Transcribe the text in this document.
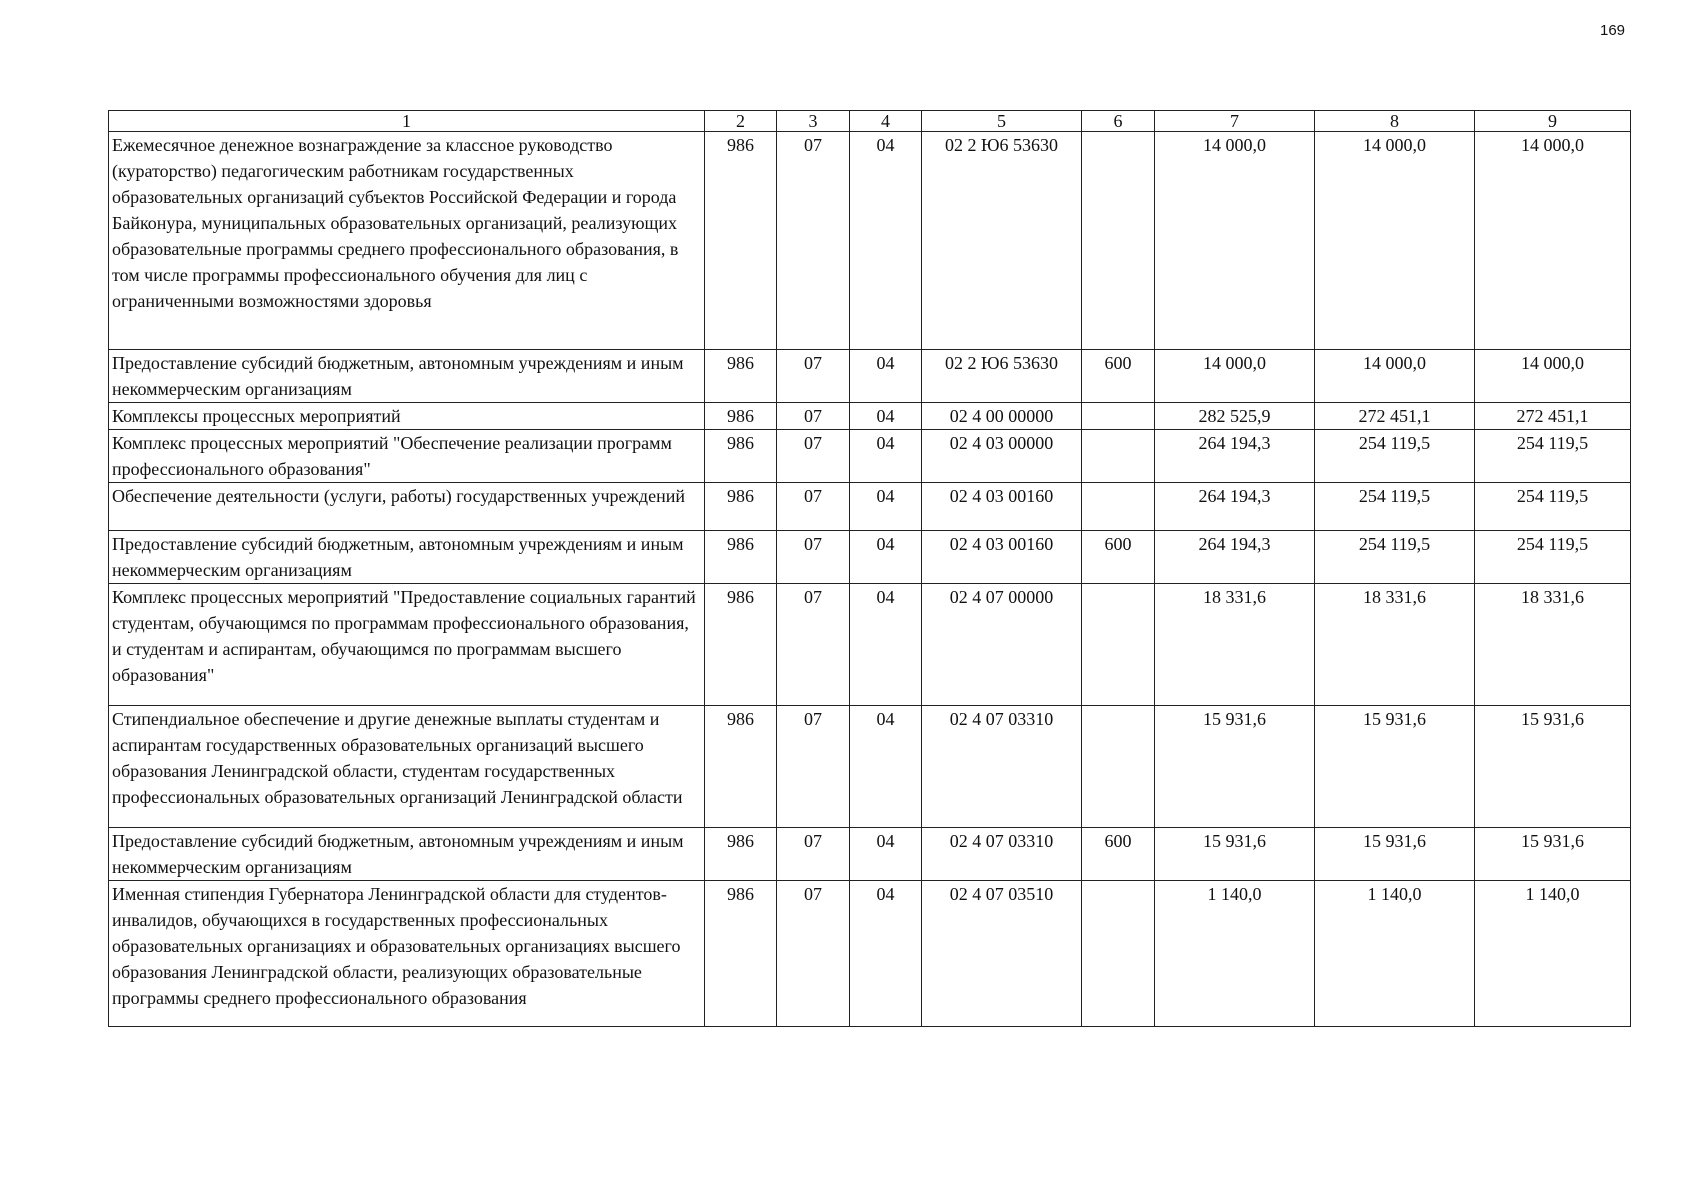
169
1	2	3	4	5	6	7	8	9
Ежемесячное денежное вознаграждение за классное руководство (кураторство) педагогическим работникам государственных образовательных организаций субъектов Российской Федерации и города Байконура, муниципальных образовательных организаций, реализующих образовательные программы среднего профессионального образования, в том числе программы профессионального обучения для лиц с ограниченными возможностями здоровья	986	07	04	02 2 Ю6 53630		14 000,0	14 000,0	14 000,0
Предоставление субсидий бюджетным, автономным учреждениям и иным некоммерческим организациям	986	07	04	02 2 Ю6 53630	600	14 000,0	14 000,0	14 000,0
Комплексы процессных мероприятий	986	07	04	02 4 00 00000		282 525,9	272 451,1	272 451,1
Комплекс процессных мероприятий "Обеспечение реализации программ профессионального образования"	986	07	04	02 4 03 00000		264 194,3	254 119,5	254 119,5
Обеспечение деятельности (услуги, работы) государственных учреждений	986	07	04	02 4 03 00160		264 194,3	254 119,5	254 119,5
Предоставление субсидий бюджетным, автономным учреждениям и иным некоммерческим организациям	986	07	04	02 4 03 00160	600	264 194,3	254 119,5	254 119,5
Комплекс процессных мероприятий "Предоставление социальных гарантий студентам, обучающимся по программам профессионального образования, и студентам и аспирантам, обучающимся по программам высшего образования"	986	07	04	02 4 07 00000		18 331,6	18 331,6	18 331,6
Стипендиальное обеспечение и другие денежные выплаты студентам и аспирантам государственных образовательных организаций высшего образования Ленинградской области, студентам государственных профессиональных образовательных организаций Ленинградской области	986	07	04	02 4 07 03310		15 931,6	15 931,6	15 931,6
Предоставление субсидий бюджетным, автономным учреждениям и иным некоммерческим организациям	986	07	04	02 4 07 03310	600	15 931,6	15 931,6	15 931,6
Именная стипендия Губернатора Ленинградской области для студентов-инвалидов, обучающихся в государственных профессиональных образовательных организациях и образовательных организациях высшего образования Ленинградской области, реализующих образовательные программы среднего профессионального образования	986	07	04	02 4 07 03510		1 140,0	1 140,0	1 140,0
